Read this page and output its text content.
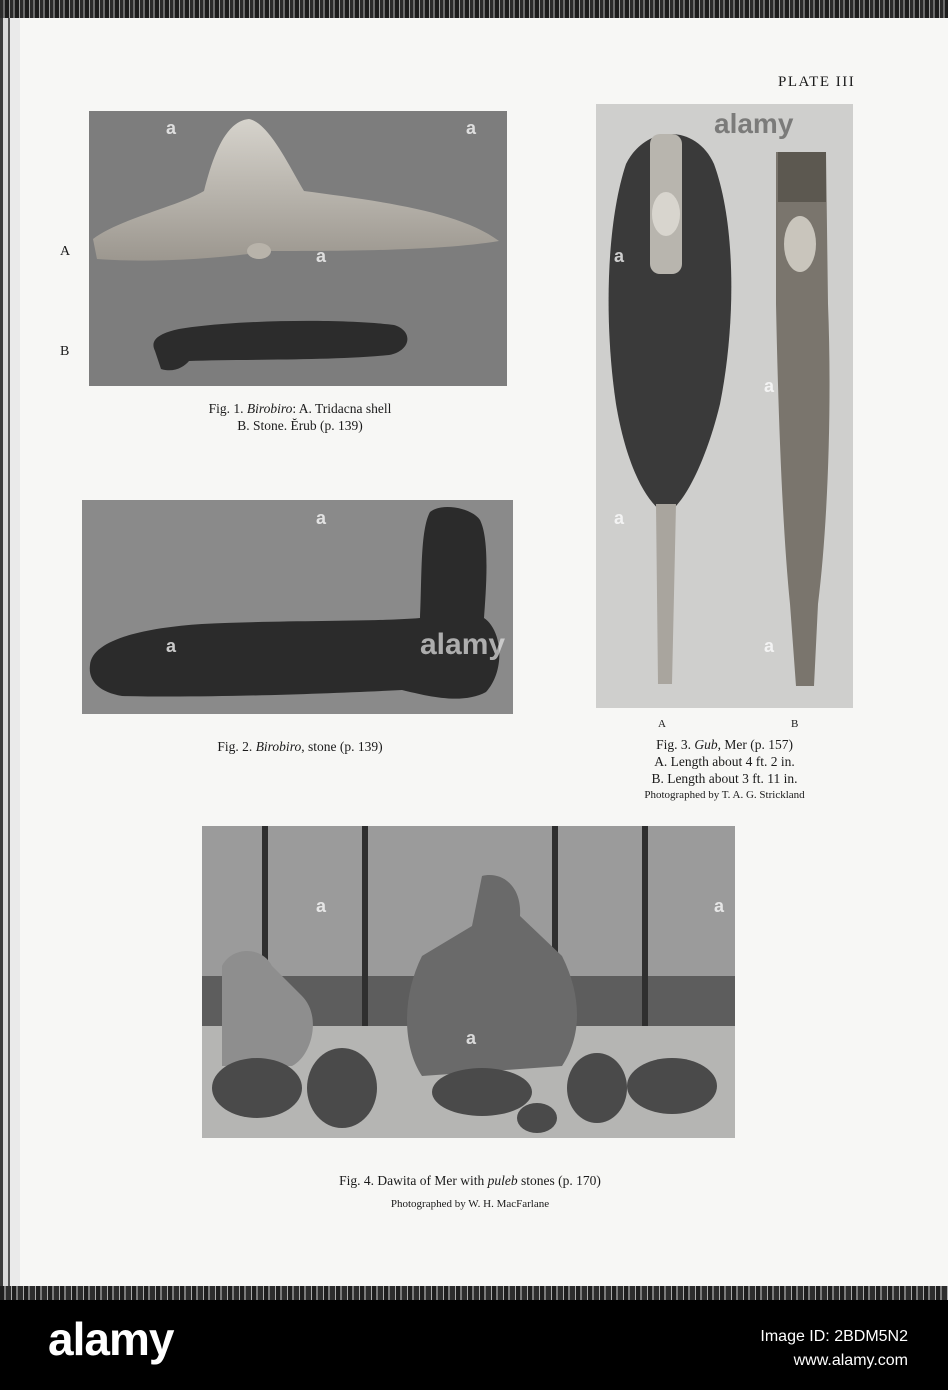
PLATE III
A
B
Fig. 1. Birobiro: A. Tridacna shell
B. Stone. Ĕrub (p. 139)
Fig. 2. Birobiro, stone (p. 139)
A	B
Fig. 3. Gub, Mer (p. 157)
A. Length about 4 ft. 2 in.
B. Length about 3 ft. 11 in.
Photographed by T. A. G. Strickland
Fig. 4. Dawita of Mer with puleb stones (p. 170)
Photographed by W. H. MacFarlane
alamy
alamy
a	a
a
a
a	a
a
a
a
a
a	a
alamy	Image ID: 2BDM5N2
www.alamy.com
